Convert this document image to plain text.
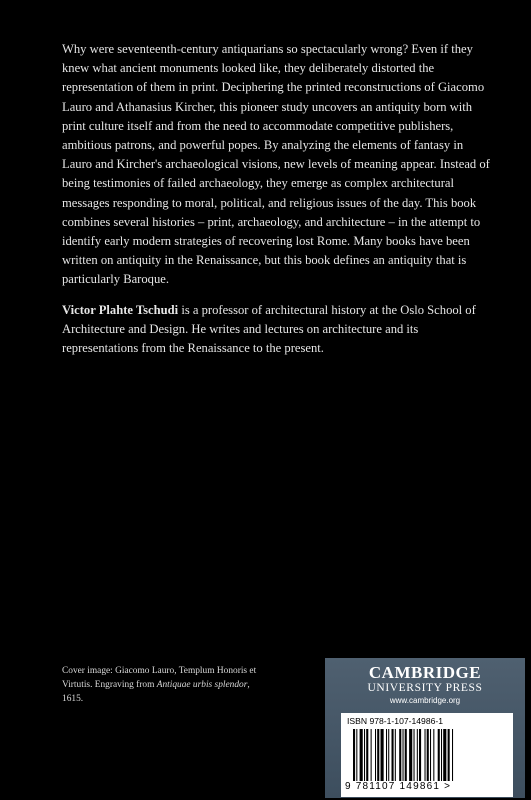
Why were seventeenth-century antiquarians so spectacularly wrong? Even if they knew what ancient monuments looked like, they deliberately distorted the representation of them in print. Deciphering the printed reconstructions of Giacomo Lauro and Athanasius Kircher, this pioneer study uncovers an antiquity born with print culture itself and from the need to accommodate competitive publishers, ambitious patrons, and powerful popes. By analyzing the elements of fantasy in Lauro and Kircher's archaeological visions, new levels of meaning appear. Instead of being testimonies of failed archaeology, they emerge as complex architectural messages responding to moral, political, and religious issues of the day. This book combines several histories – print, archaeology, and architecture – in the attempt to identify early modern strategies of recovering lost Rome. Many books have been written on antiquity in the Renaissance, but this book defines an antiquity that is particularly Baroque.

Victor Plahte Tschudi is a professor of architectural history at the Oslo School of Architecture and Design. He writes and lectures on architecture and its representations from the Renaissance to the present.

Cover image: Giacomo Lauro, Templum Honoris et Virtutis. Engraving from Antiquae urbis splendor, 1615.

CAMBRIDGE
UNIVERSITY PRESS
www.cambridge.org
ISBN 978-1-107-14986-1
9 781107 149861 >
